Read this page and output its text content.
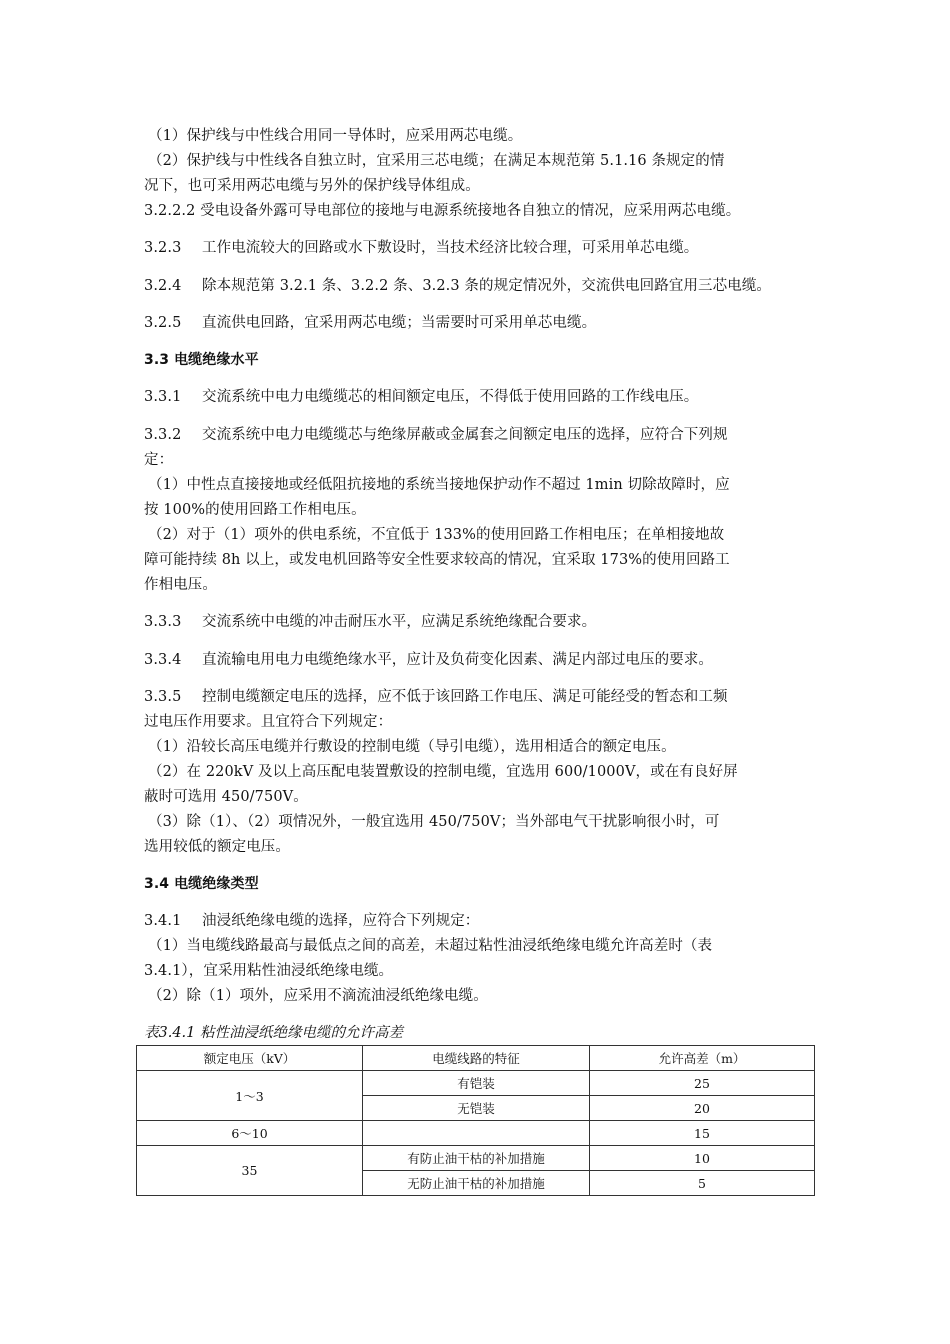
（1）保护线与中性线合用同一导体时，应采用两芯电缆。
（2）保护线与中性线各自独立时，宜采用三芯电缆；在满足本规范第 5.1.16 条规定的情
况下，也可采用两芯电缆与另外的保护线导体组成。
3.2.2.2 受电设备外露可导电部位的接地与电源系统接地各自独立的情况，应采用两芯电缆。
3.2.3 工作电流较大的回路或水下敷设时，当技术经济比较合理，可采用单芯电缆。
3.2.4 除本规范第 3.2.1 条、3.2.2 条、3.2.3 条的规定情况外，交流供电回路宜用三芯电缆。
3.2.5 直流供电回路，宜采用两芯电缆；当需要时可采用单芯电缆。
3.3 电缆绝缘水平
3.3.1 交流系统中电力电缆缆芯的相间额定电压，不得低于使用回路的工作线电压。
3.3.2 交流系统中电力电缆缆芯与绝缘屏蔽或金属套之间额定电压的选择，应符合下列规
定：
（1）中性点直接接地或经低阻抗接地的系统当接地保护动作不超过 1min 切除故障时，应
按 100%的使用回路工作相电压。
（2）对于（1）项外的供电系统，不宜低于 133%的使用回路工作相电压；在单相接地故
障可能持续 8h 以上，或发电机回路等安全性要求较高的情况，宜采取 173%的使用回路工
作相电压。
3.3.3 交流系统中电缆的冲击耐压水平，应满足系统绝缘配合要求。
3.3.4 直流输电用电力电缆绝缘水平，应计及负荷变化因素、满足内部过电压的要求。
3.3.5 控制电缆额定电压的选择，应不低于该回路工作电压、满足可能经受的暂态和工频
过电压作用要求。且宜符合下列规定：
（1）沿较长高压电缆并行敷设的控制电缆（导引电缆），选用相适合的额定电压。
（2）在 220kV 及以上高压配电装置敷设的控制电缆，宜选用 600/1000V，或在有良好屏
蔽时可选用 450/750V。
（3）除（1）、（2）项情况外，一般宜选用 450/750V；当外部电气干扰影响很小时，可
选用较低的额定电压。
3.4 电缆绝缘类型
3.4.1 油浸纸绝缘电缆的选择，应符合下列规定：
（1）当电缆线路最高与最低点之间的高差，未超过粘性油浸纸绝缘电缆允许高差时（表
3.4.1），宜采用粘性油浸纸绝缘电缆。
（2）除（1）项外，应采用不滴流油浸纸绝缘电缆。
表3.4.1 粘性油浸纸绝缘电缆的允许高差
额定电压（kV）	电缆线路的特征	允许高差（m）
1～3	有铠装	25
	无铠装	20
6～10		15
35	有防止油干枯的补加措施	10
	无防止油干枯的补加措施	5
